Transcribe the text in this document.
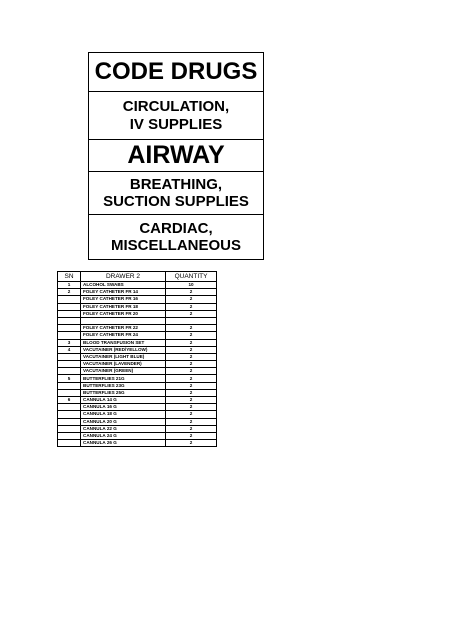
CODE DRUGS
CIRCULATION,
IV SUPPLIES
AIRWAY
BREATHING,
SUCTION SUPPLIES
CARDIAC,
MISCELLANEOUS
SN	DRAWER 2	QUANTITY
1	ALCOHOL SWABS	10
2	FOLEY CATHETER FR 14	2
	FOLEY CATHETER FR 16	2
	FOLEY CATHETER FR 18	2
	FOLEY CATHETER FR 20	2

	FOLEY CATHETER FR 22	2
	FOLEY CATHETER FR 24	2
3	BLOOD TRANSFUSION SET	2
4	VACUTAINER (RED/YELLOW)	2
	VACUTAINER (LIGHT BLUE)	2
	VACUTAINER (LAVENDER)	2
	VACUTAINER (GREEN)	2
5	BUTTERFLIES 21G	2
	BUTTERFLIES 23G	2
	BUTTERFLIES 25G	2
6	CANNULA 14 G	2
	CANNULA 16 G	2
	CANNULA 18 G	2
	CANNULA 20 G	2
	CANNULA 22 G	2
	CANNULA 24 G	2
	CANNULA 26 G	2
